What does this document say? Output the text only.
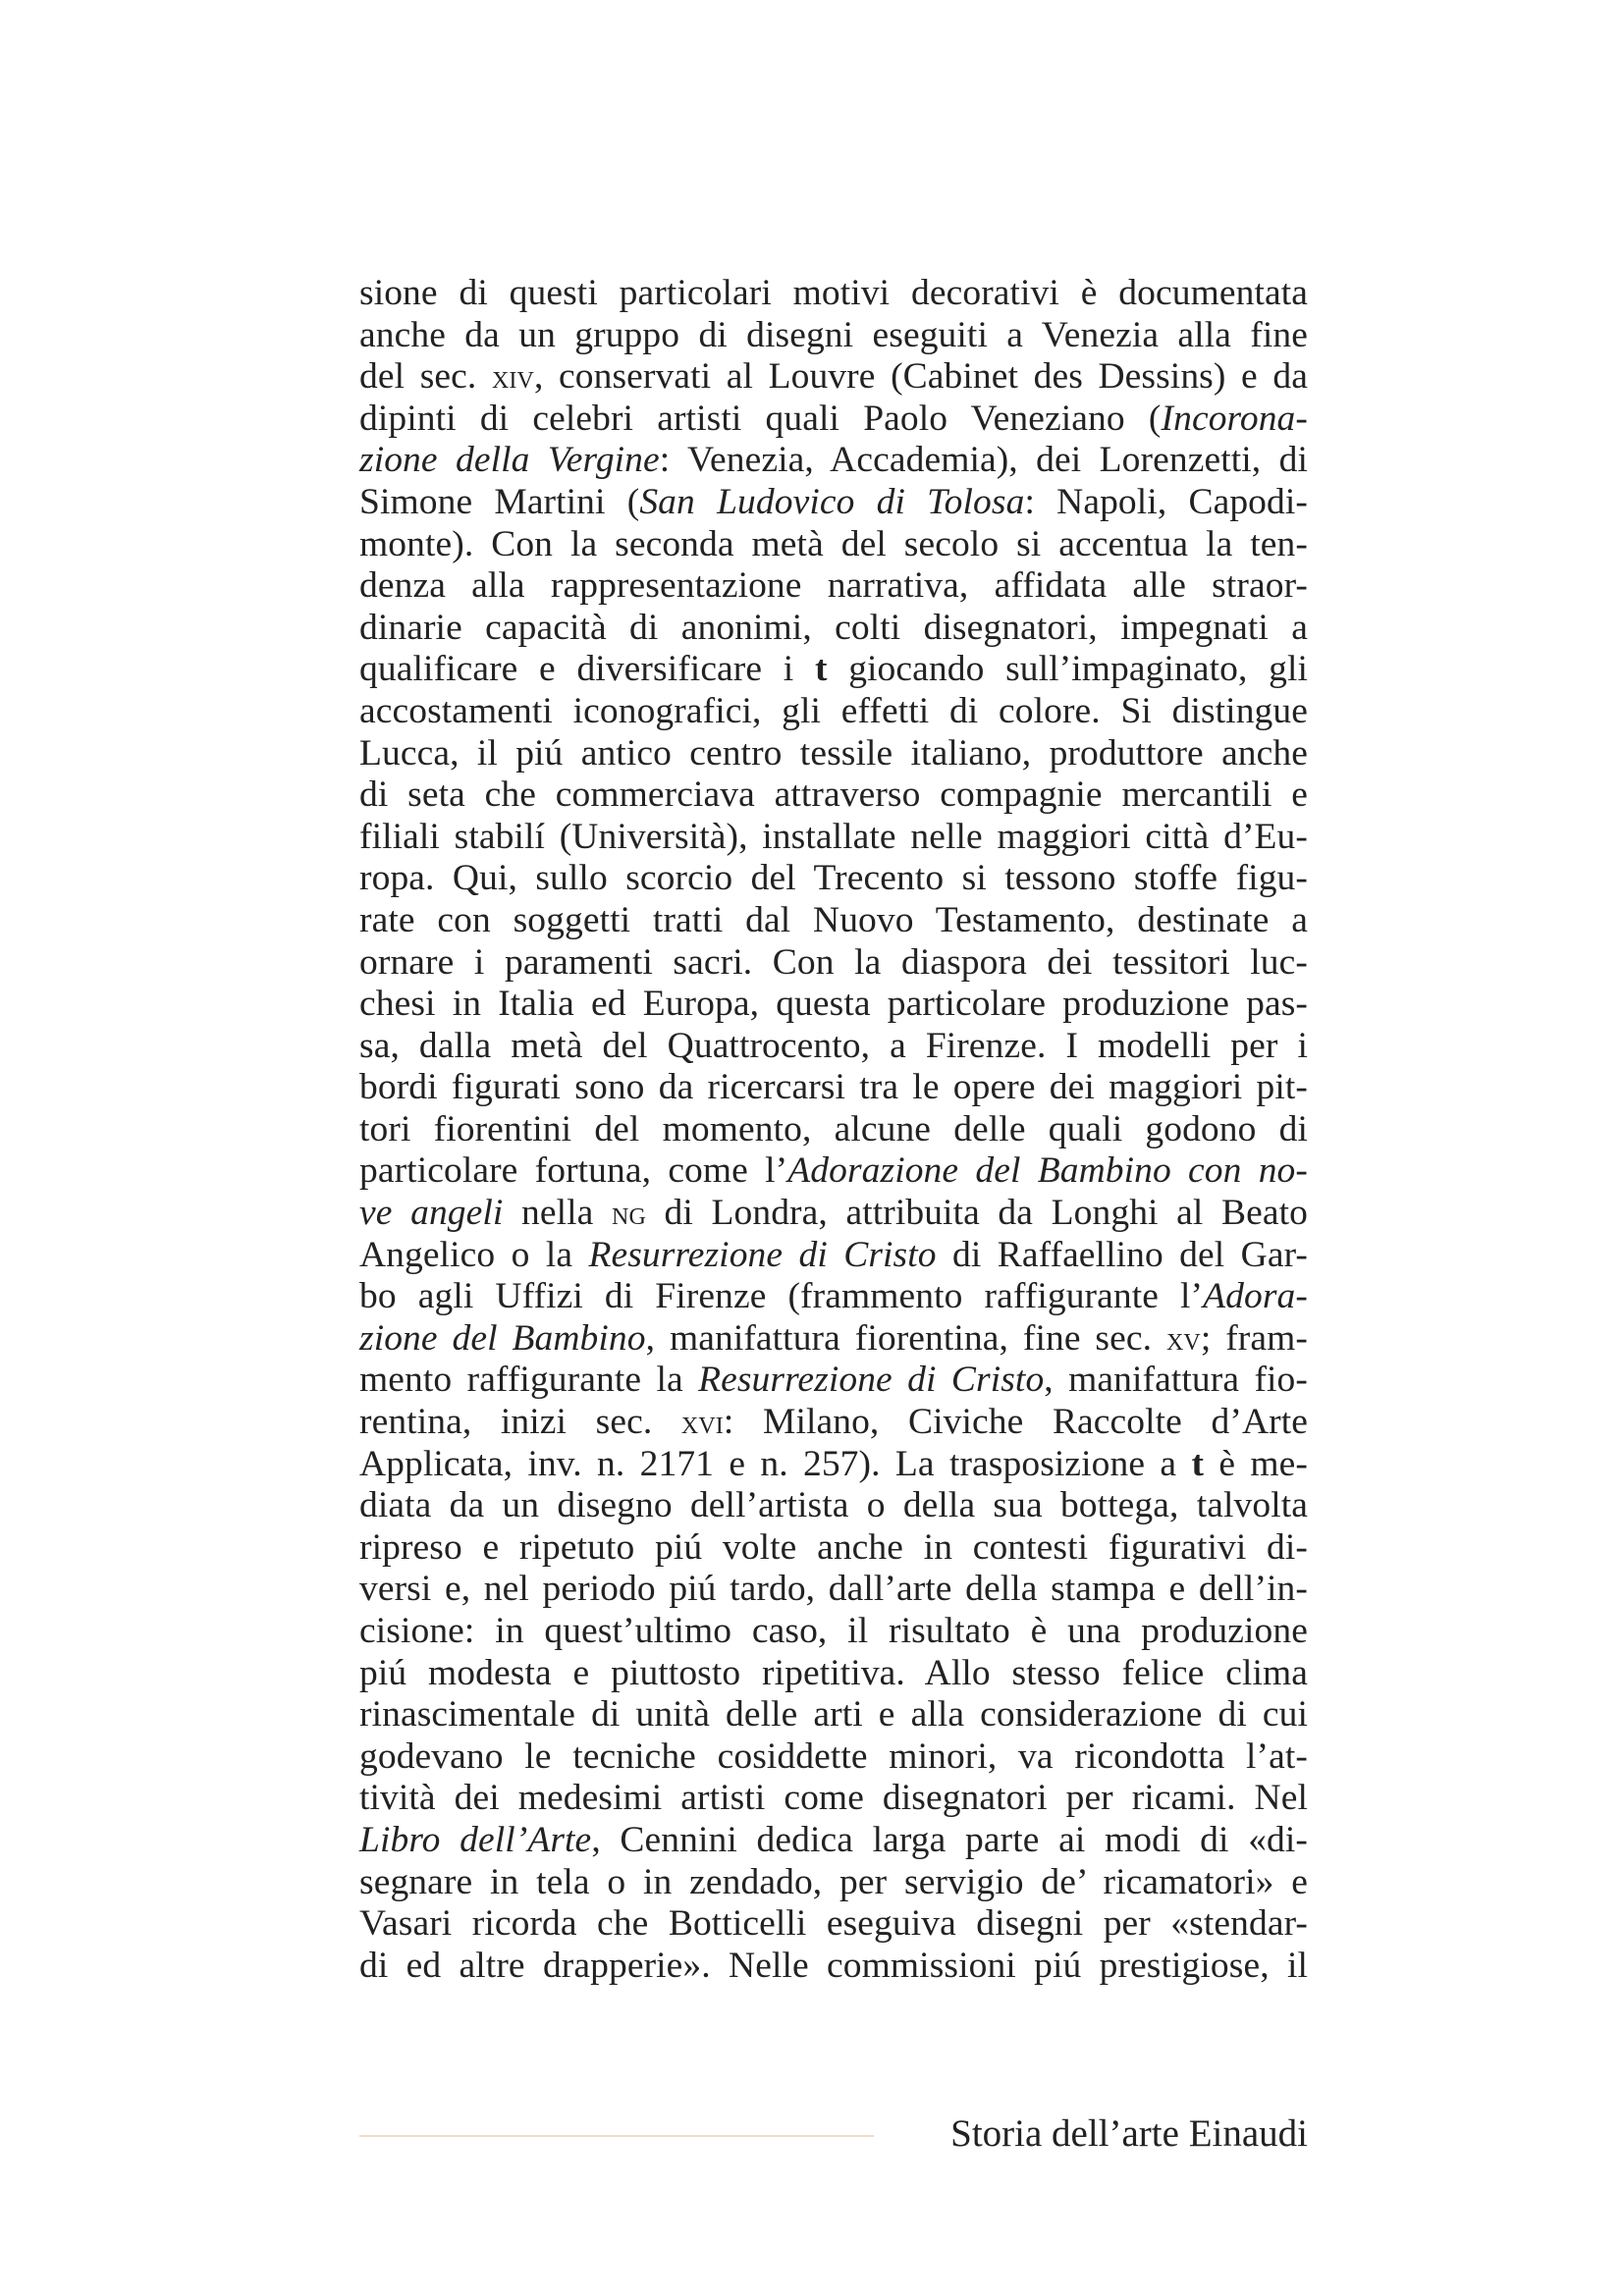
sione di questi particolari motivi decorativi è documentata
anche da un gruppo di disegni eseguiti a Venezia alla fine
del sec. xiv, conservati al Louvre (Cabinet des Dessins) e da
dipinti di celebri artisti quali Paolo Veneziano (Incorona-
zione della Vergine: Venezia, Accademia), dei Lorenzetti, di
Simone Martini (San Ludovico di Tolosa: Napoli, Capodi-
monte). Con la seconda metà del secolo si accentua la ten-
denza alla rappresentazione narrativa, affidata alle straor-
dinarie capacità di anonimi, colti disegnatori, impegnati a
qualificare e diversificare i t giocando sull’impaginato, gli
accostamenti iconografici, gli effetti di colore. Si distingue
Lucca, il piú antico centro tessile italiano, produttore anche
di seta che commerciava attraverso compagnie mercantili e
filiali stabilí (Università), installate nelle maggiori città d’Eu-
ropa. Qui, sullo scorcio del Trecento si tessono stoffe figu-
rate con soggetti tratti dal Nuovo Testamento, destinate a
ornare i paramenti sacri. Con la diaspora dei tessitori luc-
chesi in Italia ed Europa, questa particolare produzione pas-
sa, dalla metà del Quattrocento, a Firenze. I modelli per i
bordi figurati sono da ricercarsi tra le opere dei maggiori pit-
tori fiorentini del momento, alcune delle quali godono di
particolare fortuna, come l’Adorazione del Bambino con no-
ve angeli nella ng di Londra, attribuita da Longhi al Beato
Angelico o la Resurrezione di Cristo di Raffaellino del Gar-
bo agli Uffizi di Firenze (frammento raffigurante l’Adora-
zione del Bambino, manifattura fiorentina, fine sec. xv; fram-
mento raffigurante la Resurrezione di Cristo, manifattura fio-
rentina, inizi sec. xvi: Milano, Civiche Raccolte d’Arte
Applicata, inv. n. 2171 e n. 257). La trasposizione a t è me-
diata da un disegno dell’artista o della sua bottega, talvolta
ripreso e ripetuto piú volte anche in contesti figurativi di-
versi e, nel periodo piú tardo, dall’arte della stampa e dell’in-
cisione: in quest’ultimo caso, il risultato è una produzione
piú modesta e piuttosto ripetitiva. Allo stesso felice clima
rinascimentale di unità delle arti e alla considerazione di cui
godevano le tecniche cosiddette minori, va ricondotta l’at-
tività dei medesimi artisti come disegnatori per ricami. Nel
Libro dell’Arte, Cennini dedica larga parte ai modi di «di-
segnare in tela o in zendado, per servigio de’ ricamatori» e
Vasari ricorda che Botticelli eseguiva disegni per «stendar-
di ed altre drapperie». Nelle commissioni piú prestigiose, il
Storia dell’arte Einaudi
